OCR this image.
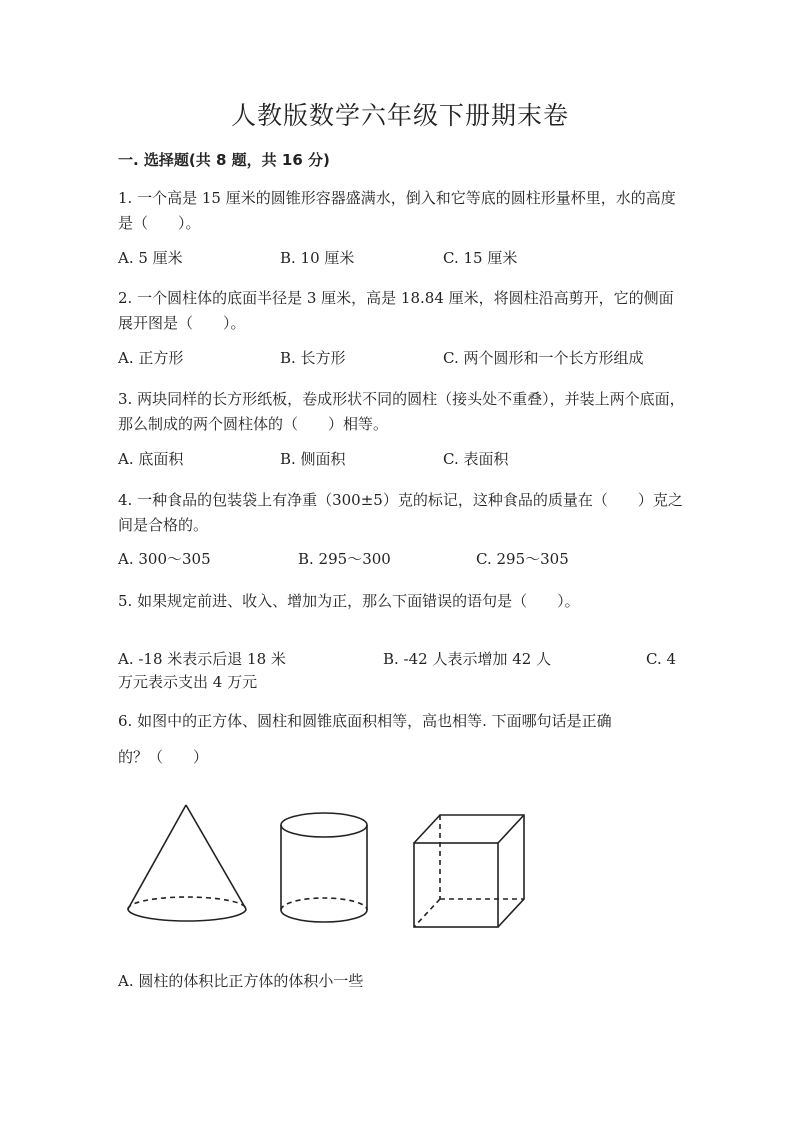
人教版数学六年级下册期末卷
一. 选择题(共 8 题，共 16 分)
1. 一个高是 15 厘米的圆锥形容器盛满水，倒入和它等底的圆柱形量杯里，水的高度是（　　）。
A. 5 厘米	B. 10 厘米	C. 15 厘米
2. 一个圆柱体的底面半径是 3 厘米，高是 18.84 厘米，将圆柱沿高剪开，它的侧面展开图是（　　）。
A. 正方形	B. 长方形	C. 两个圆形和一个长方形组成
3. 两块同样的长方形纸板，卷成形状不同的圆柱（接头处不重叠），并装上两个底面，那么制成的两个圆柱体的（　　）相等。
A. 底面积	B. 侧面积	C. 表面积
4. 一种食品的包装袋上有净重（300±5）克的标记，这种食品的质量在（　　）克之间是合格的。
A. 300～305	B. 295～300	C. 295～305
5. 如果规定前进、收入、增加为正，那么下面错误的语句是（　　）。
A. -18 米表示后退 18 米	B. -42 人表示增加 42 人	C. 4
万元表示支出 4 万元
6. 如图中的正方体、圆柱和圆锥底面积相等，高也相等. 下面哪句话是正确
的？（　　）
A. 圆柱的体积比正方体的体积小一些
